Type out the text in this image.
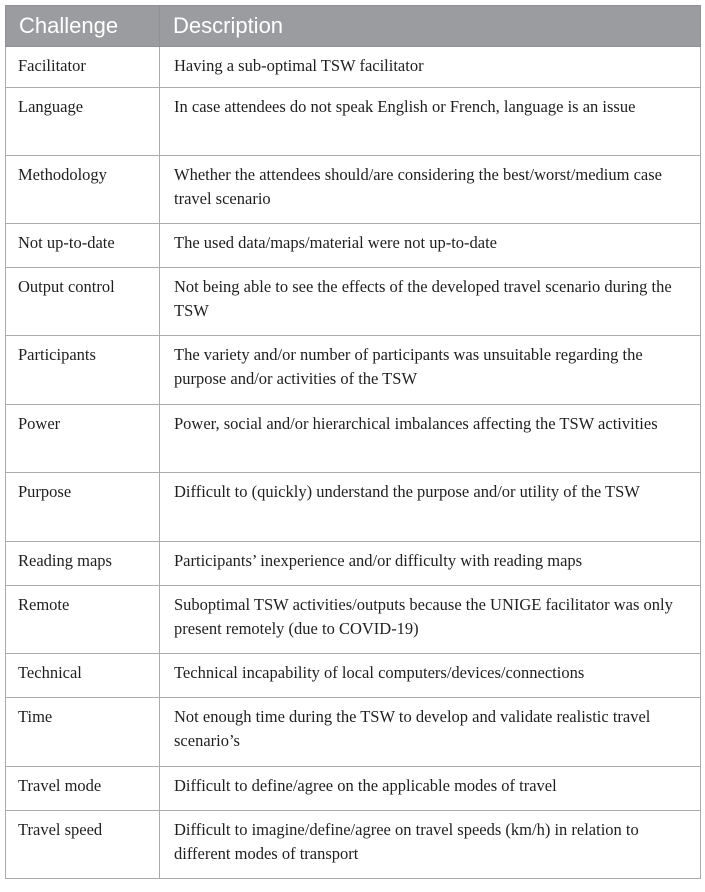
Challenge	Description
Facilitator	Having a sub-optimal TSW facilitator
Language	In case attendees do not speak English or French, language is an issue
Methodology	Whether the attendees should/are considering the best/worst/medium case travel scenario
Not up-to-date	The used data/maps/material were not up-to-date
Output control	Not being able to see the effects of the developed travel scenario during the TSW
Participants	The variety and/or number of participants was unsuitable regarding the purpose and/or activities of the TSW
Power	Power, social and/or hierarchical imbalances affecting the TSW activities
Purpose	Difficult to (quickly) understand the purpose and/or utility of the TSW
Reading maps	Participants’ inexperience and/or difficulty with reading maps
Remote	Suboptimal TSW activities/outputs because the UNIGE facilitator was only present remotely (due to COVID-19)
Technical	Technical incapability of local computers/devices/connections
Time	Not enough time during the TSW to develop and validate realistic travel scenario’s
Travel mode	Difficult to define/agree on the applicable modes of travel
Travel speed	Difficult to imagine/define/agree on travel speeds (km/h) in relation to different modes of transport
